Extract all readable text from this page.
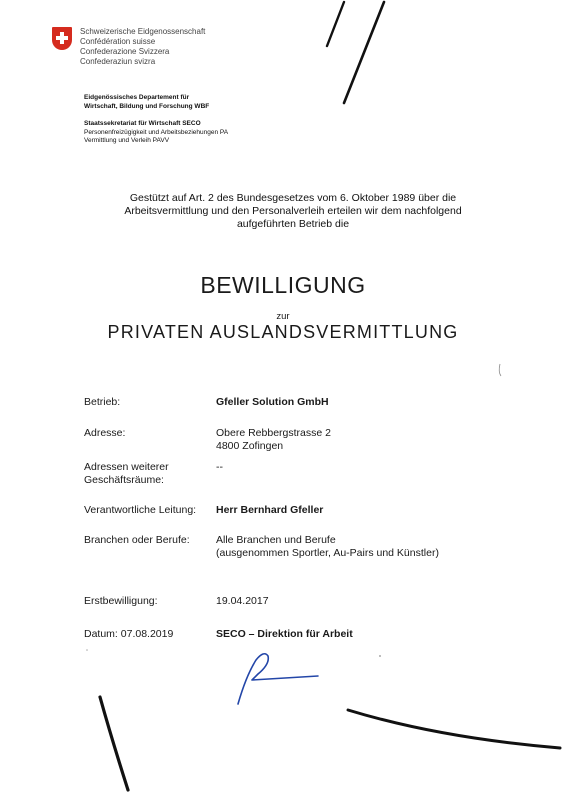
Schweizerische Eidgenossenschaft
Confédération suisse
Confederazione Svizzera
Confederaziun svizra
Eidgenössisches Departement für
Wirtschaft, Bildung und Forschung WBF
Staatssekretariat für Wirtschaft SECO
Personenfreizügigkeit und Arbeitsbeziehungen PA
Vermittlung und Verleih PAVV
Gestützt auf Art. 2 des Bundesgesetzes vom 6. Oktober 1989 über die
Arbeitsvermittlung und den Personalverleih erteilen wir dem nachfolgend
aufgeführten Betrieb die
BEWILLIGUNG
zur
PRIVATEN AUSLANDSVERMITTLUNG
Betrieb:	Gfeller Solution GmbH
Adresse:	Obere Rebbergstrasse 2
4800 Zofingen
Adressen weiterer
Geschäftsräume:
--
Verantwortliche Leitung: Herr Bernhard Gfeller
Branchen oder Berufe:	Alle Branchen und Berufe
(ausgenommen Sportler, Au-Pairs und Künstler)
Erstbewilligung:	19.04.2017
Datum: 07.08.2019	SECO – Direktion für Arbeit
